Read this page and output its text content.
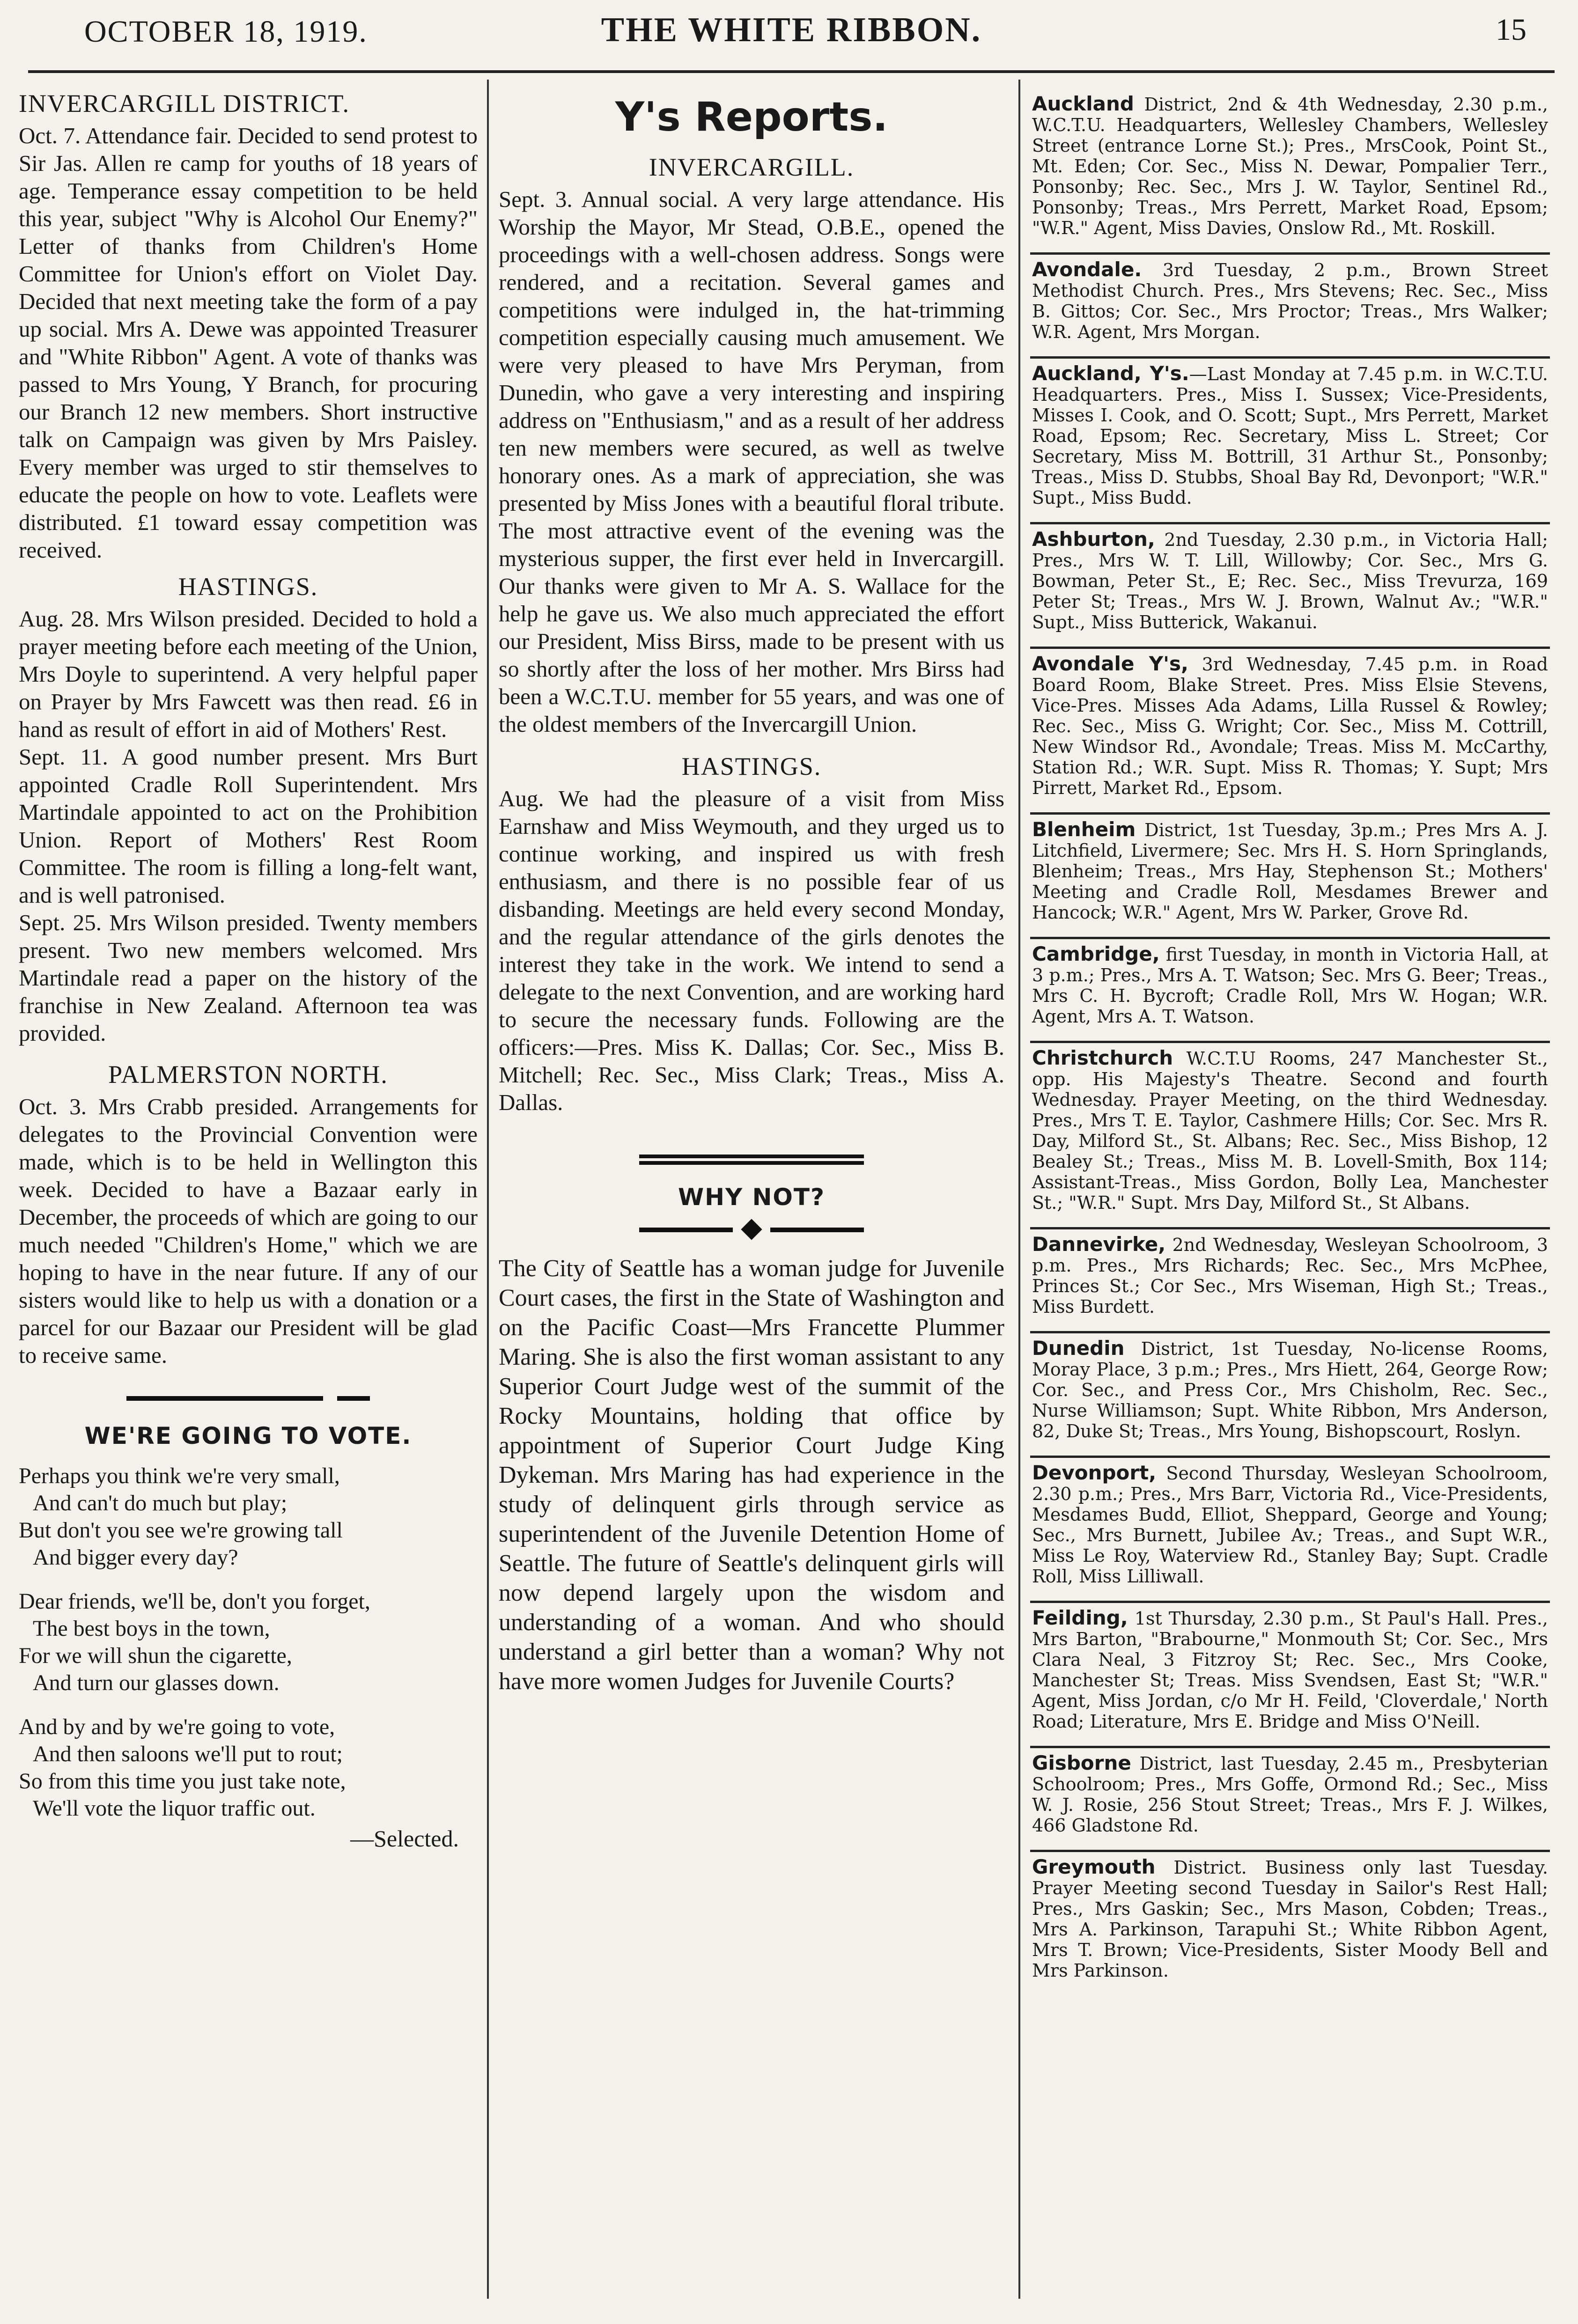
OCTOBER 18, 1919.	THE WHITE RIBBON.	15
INVERCARGILL DISTRICT.

Oct. 7. Attendance fair. Decided to send protest to Sir Jas. Allen re camp for youths of 18 years of age. Temperance essay competition to be held this year, subject "Why is Alcohol Our Enemy?" Letter of thanks from Children's Home Committee for Union's effort on Violet Day. Decided that next meeting take the form of a pay up social. Mrs A. Dewe was appointed Treasurer and "White Ribbon" Agent. A vote of thanks was passed to Mrs Young, Y Branch, for procuring our Branch 12 new members. Short instructive talk on Campaign was given by Mrs Paisley. Every member was urged to stir themselves to educate the people on how to vote. Leaflets were distributed. £1 toward essay competition was received.

HASTINGS.

Aug. 28. Mrs Wilson presided. Decided to hold a prayer meeting before each meeting of the Union, Mrs Doyle to superintend. A very helpful paper on Prayer by Mrs Fawcett was then read. £6 in hand as result of effort in aid of Mothers' Rest.

Sept. 11. A good number present. Mrs Burt appointed Cradle Roll Superintendent. Mrs Martindale appointed to act on the Prohibition Union. Report of Mothers' Rest Room Committee. The room is filling a long-felt want, and is well patronised.

Sept. 25. Mrs Wilson presided. Twenty members present. Two new members welcomed. Mrs Martindale read a paper on the history of the franchise in New Zealand. Afternoon tea was provided.

PALMERSTON NORTH.

Oct. 3. Mrs Crabb presided. Arrangements for delegates to the Provincial Convention were made, which is to be held in Wellington this week. Decided to have a Bazaar early in December, the proceeds of which are going to our much needed "Children's Home," which we are hoping to have in the near future. If any of our sisters would like to help us with a donation or a parcel for our Bazaar our President will be glad to receive same.

WE'RE GOING TO VOTE.
Perhaps you think we're very small,
And can't do much but play;
But don't you see we're growing tall
And bigger every day?
Dear friends, we'll be, don't you forget,
The best boys in the town,
For we will shun the cigarette,
And turn our glasses down.
And by and by we're going to vote,
And then saloons we'll put to rout;
So from this time you just take note,
We'll vote the liquor traffic out.
—Selected.
Y's Reports.
INVERCARGILL.

Sept. 3. Annual social. A very large attendance. His Worship the Mayor, Mr Stead, O.B.E., opened the proceedings with a well-chosen address. Songs were rendered, and a recitation. Several games and competitions were indulged in, the hat-trimming competition especially causing much amusement. We were very pleased to have Mrs Peryman, from Dunedin, who gave a very interesting and inspiring address on "Enthusiasm," and as a result of her address ten new members were secured, as well as twelve honorary ones. As a mark of appreciation, she was presented by Miss Jones with a beautiful floral tribute. The most attractive event of the evening was the mysterious supper, the first ever held in Invercargill. Our thanks were given to Mr A. S. Wallace for the help he gave us. We also much appreciated the effort our President, Miss Birss, made to be present with us so shortly after the loss of her mother. Mrs Birss had been a W.C.T.U. member for 55 years, and was one of the oldest members of the Invercargill Union.

HASTINGS.

Aug. We had the pleasure of a visit from Miss Earnshaw and Miss Weymouth, and they urged us to continue working, and inspired us with fresh enthusiasm, and there is no possible fear of us disbanding. Meetings are held every second Monday, and the regular attendance of the girls denotes the interest they take in the work. We intend to send a delegate to the next Convention, and are working hard to secure the necessary funds. Following are the officers:—Pres. Miss K. Dallas; Cor. Sec., Miss B. Mitchell; Rec. Sec., Miss Clark; Treas., Miss A. Dallas.

WHY NOT?

The City of Seattle has a woman judge for Juvenile Court cases, the first in the State of Washington and on the Pacific Coast—Mrs Francette Plummer Maring. She is also the first woman assistant to any Superior Court Judge west of the summit of the Rocky Mountains, holding that office by appointment of Superior Court Judge King Dykeman. Mrs Maring has had experience in the study of delinquent girls through service as superintendent of the Juvenile Detention Home of Seattle. The future of Seattle's delinquent girls will now depend largely upon the wisdom and understanding of a woman. And who should understand a girl better than a woman? Why not have more women Judges for Juvenile Courts?

Auckland District, 2nd & 4th Wednesday, 2.30 p.m., W.C.T.U. Headquarters, Wellesley Chambers, Wellesley Street (entrance Lorne St.); Pres., MrsCook, Point St., Mt. Eden; Cor. Sec., Miss N. Dewar, Pompalier Terr., Ponsonby; Rec. Sec., Mrs J. W. Taylor, Sentinel Rd., Ponsonby; Treas., Mrs Perrett, Market Road, Epsom; "W.R." Agent, Miss Davies, Onslow Rd., Mt. Roskill.
Avondale. 3rd Tuesday, 2 p.m., Brown Street Methodist Church. Pres., Mrs Stevens; Rec. Sec., Miss B. Gittos; Cor. Sec., Mrs Proctor; Treas., Mrs Walker; W.R. Agent, Mrs Morgan.
Auckland, Y's.—Last Monday at 7.45 p.m. in W.C.T.U. Headquarters. Pres., Miss I. Sussex; Vice-Presidents, Misses I. Cook, and O. Scott; Supt., Mrs Perrett, Market Road, Epsom; Rec. Secretary, Miss L. Street; Cor Secretary, Miss M. Bottrill, 31 Arthur St., Ponsonby; Treas., Miss D. Stubbs, Shoal Bay Rd, Devonport; "W.R." Supt., Miss Budd.
Ashburton, 2nd Tuesday, 2.30 p.m., in Victoria Hall; Pres., Mrs W. T. Lill, Willowby; Cor. Sec., Mrs G. Bowman, Peter St., E; Rec. Sec., Miss Trevurza, 169 Peter St; Treas., Mrs W. J. Brown, Walnut Av.; "W.R." Supt., Miss Butterick, Wakanui.
Avondale Y's, 3rd Wednesday, 7.45 p.m. in Road Board Room, Blake Street. Pres. Miss Elsie Stevens, Vice-Pres. Misses Ada Adams, Lilla Russel & Rowley; Rec. Sec., Miss G. Wright; Cor. Sec., Miss M. Cottrill, New Windsor Rd., Avondale; Treas. Miss M. McCarthy, Station Rd.; W.R. Supt. Miss R. Thomas; Y. Supt; Mrs Pirrett, Market Rd., Epsom.
Blenheim District, 1st Tuesday, 3p.m.; Pres Mrs A. J. Litchfield, Livermere; Sec. Mrs H. S. Horn Springlands, Blenheim; Treas., Mrs Hay, Stephenson St.; Mothers' Meeting and Cradle Roll, Mesdames Brewer and Hancock; W.R." Agent, Mrs W. Parker, Grove Rd.
Cambridge, first Tuesday, in month in Victoria Hall, at 3 p.m.; Pres., Mrs A. T. Watson; Sec. Mrs G. Beer; Treas., Mrs C. H. Bycroft; Cradle Roll, Mrs W. Hogan; W.R. Agent, Mrs A. T. Watson.
Christchurch W.C.T.U Rooms, 247 Manchester St., opp. His Majesty's Theatre. Second and fourth Wednesday. Prayer Meeting, on the third Wednesday. Pres., Mrs T. E. Taylor, Cashmere Hills; Cor. Sec. Mrs R. Day, Milford St., St. Albans; Rec. Sec., Miss Bishop, 12 Bealey St.; Treas., Miss M. B. Lovell-Smith, Box 114; Assistant-Treas., Miss Gordon, Bolly Lea, Manchester St.; "W.R." Supt. Mrs Day, Milford St., St Albans.
Dannevirke, 2nd Wednesday, Wesleyan Schoolroom, 3 p.m. Pres., Mrs Richards; Rec. Sec., Mrs McPhee, Princes St.; Cor Sec., Mrs Wiseman, High St.; Treas., Miss Burdett.
Dunedin District, 1st Tuesday, No-license Rooms, Moray Place, 3 p.m.; Pres., Mrs Hiett, 264, George Row; Cor. Sec., and Press Cor., Mrs Chisholm, Rec. Sec., Nurse Williamson; Supt. White Ribbon, Mrs Anderson, 82, Duke St; Treas., Mrs Young, Bishopscourt, Roslyn.
Devonport, Second Thursday, Wesleyan Schoolroom, 2.30 p.m.; Pres., Mrs Barr, Victoria Rd., Vice-Presidents, Mesdames Budd, Elliot, Sheppard, George and Young; Sec., Mrs Burnett, Jubilee Av.; Treas., and Supt W.R., Miss Le Roy, Waterview Rd., Stanley Bay; Supt. Cradle Roll, Miss Lilliwall.
Feilding, 1st Thursday, 2.30 p.m., St Paul's Hall. Pres., Mrs Barton, "Brabourne," Monmouth St; Cor. Sec., Mrs Clara Neal, 3 Fitzroy St; Rec. Sec., Mrs Cooke, Manchester St; Treas. Miss Svendsen, East St; "W.R." Agent, Miss Jordan, c/o Mr H. Feild, 'Cloverdale,' North Road; Literature, Mrs E. Bridge and Miss O'Neill.
Gisborne District, last Tuesday, 2.45 m., Presbyterian Schoolroom; Pres., Mrs Goffe, Ormond Rd.; Sec., Miss W. J. Rosie, 256 Stout Street; Treas., Mrs F. J. Wilkes, 466 Gladstone Rd.
Greymouth District. Business only last Tuesday. Prayer Meeting second Tuesday in Sailor's Rest Hall; Pres., Mrs Gaskin; Sec., Mrs Mason, Cobden; Treas., Mrs A. Parkinson, Tarapuhi St.; White Ribbon Agent, Mrs T. Brown; Vice-Presidents, Sister Moody Bell and Mrs Parkinson.
